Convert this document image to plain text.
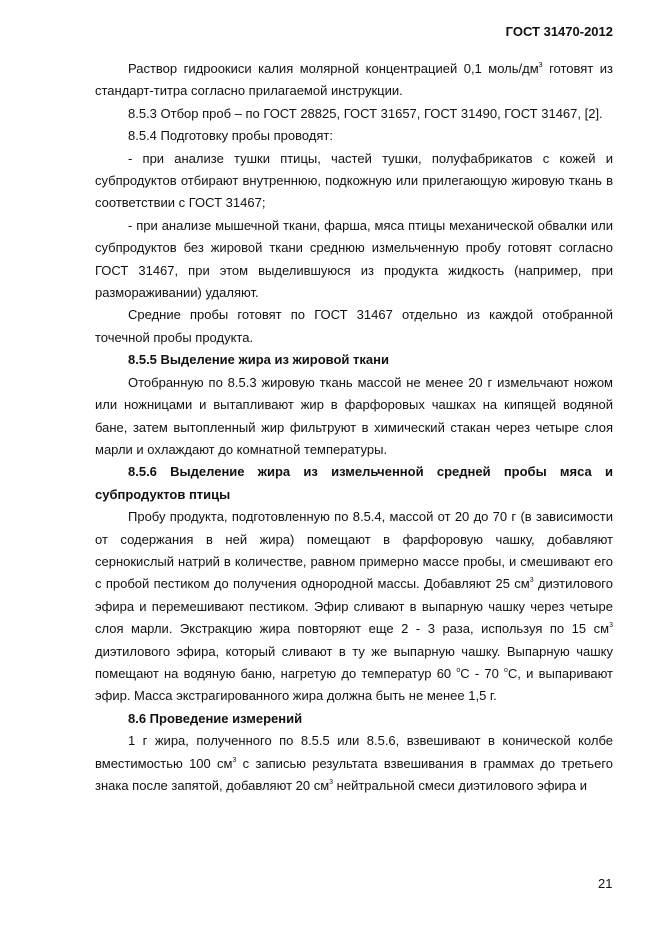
ГОСТ 31470-2012

Раствор гидроокиси калия молярной концентрацией 0,1 моль/$дм^3$ готовят из стандарт-титра согласно прилагаемой инструкции.

8.5.3 Отбор проб – по ГОСТ 28825, ГОСТ 31657, ГОСТ 31490, ГОСТ 31467, [2].

8.5.4 Подготовку пробы проводят:

- при анализе тушки птицы, частей тушки, полуфабрикатов с кожей и субпродуктов отбирают внутреннюю, подкожную или прилегающую жировую ткань в соответствии с ГОСТ 31467;

- при анализе мышечной ткани, фарша, мяса птицы механической обвалки или субпродуктов без жировой ткани среднюю измельченную пробу готовят согласно ГОСТ 31467, при этом выделившуюся из продукта жидкость (например, при размораживании) удаляют.

Средние пробы готовят по ГОСТ 31467 отдельно из каждой отобранной точечной пробы продукта.

8.5.5 Выделение жира из жировой ткани

Отобранную по 8.5.3 жировую ткань массой не менее 20 г измельчают ножом или ножницами и вытапливают жир в фарфоровых чашках на кипящей водяной бане, затем вытопленный жир фильтруют в химический стакан через четыре слоя марли и охлаждают до комнатной температуры.

8.5.6 Выделение жира из измельченной средней пробы мяса и субпродуктов птицы

Пробу продукта, подготовленную по 8.5.4, массой от 20 до 70 г (в зависимости от содержания в ней жира) помещают в фарфоровую чашку, добавляют сернокислый натрий в количестве, равном примерно массе пробы, и смешивают его с пробой пестиком до получения однородной массы. Добавляют 25 $см^3$ диэтилового эфира и перемешивают пестиком. Эфир сливают в выпарную чашку через четыре слоя марли. Экстракцию жира повторяют еще 2 - 3 раза, используя по 15 $см^3$ диэтилового эфира, который сливают в ту же выпарную чашку. Выпарную чашку помещают на водяную баню, нагретую до температур 60 $^о$С - 70 $^о$С, и выпаривают эфир. Масса экстрагированного жира должна быть не менее 1,5 г.

8.6 Проведение измерений

1 г жира, полученного по 8.5.5 или 8.5.6, взвешивают в конической колбе вместимостью 100 $см^3$ с записью результата взвешивания в граммах до третьего знака после запятой, добавляют 20 $см^3$ нейтральной смеси диэтилового эфира и

21
